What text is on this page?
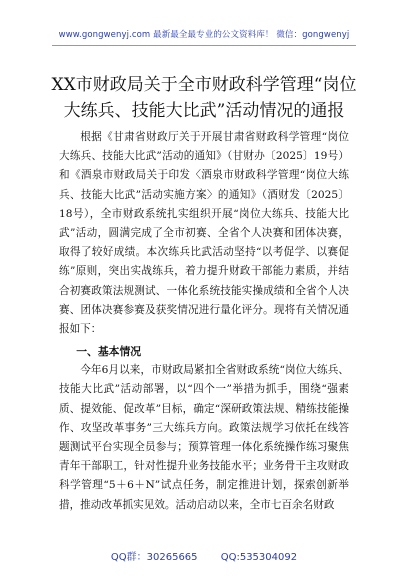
www.gongwenyj.com 最新最全最专业的公文资料库！ 微信：gongwenyj
XX市财政局关于全市财政科学管理“岗位大练兵、技能大比武”活动情况的通报

根据《甘肃省财政厅关于开展甘肃省财政科学管理“岗位大练兵、技能大比武”活动的通知》（甘财办〔2025〕19号）和《酒泉市财政局关于印发〈酒泉市财政科学管理“岗位大练兵、技能大比武”活动实施方案〉的通知》（酒财发〔2025〕18号），全市财政系统扎实组织开展“岗位大练兵、技能大比武”活动，圆满完成了全市初赛、全省个人决赛和团体决赛，取得了较好成绩。本次练兵比武活动坚持“以考促学、以赛促练”原则，突出实战练兵，着力提升财政干部能力素质，并结合初赛政策法规测试、一体化系统技能实操成绩和全省个人决赛、团体决赛参赛及获奖情况进行量化评分。现将有关情况通报如下：

一、基本情况

今年6月以来，市财政局紧扣全省财政系统“岗位大练兵、技能大比武”活动部署，以“四个一”举措为抓手，围绕“强素质、提效能、促改革”目标，确定“深研政策法规、精练技能操作、攻坚改革事务”三大练兵方向。政策法规学习依托在线答题测试平台实现全员参与；预算管理一体化系统操作练习聚焦青年干部职工，针对性提升业务技能水平；业务骨干主攻财政科学管理“5＋6＋N”试点任务，制定推进计划，探索创新举措，推动改革抓实见效。活动启动以来，全市七百余名财政

QQ群：30265665 QQ:535304092
